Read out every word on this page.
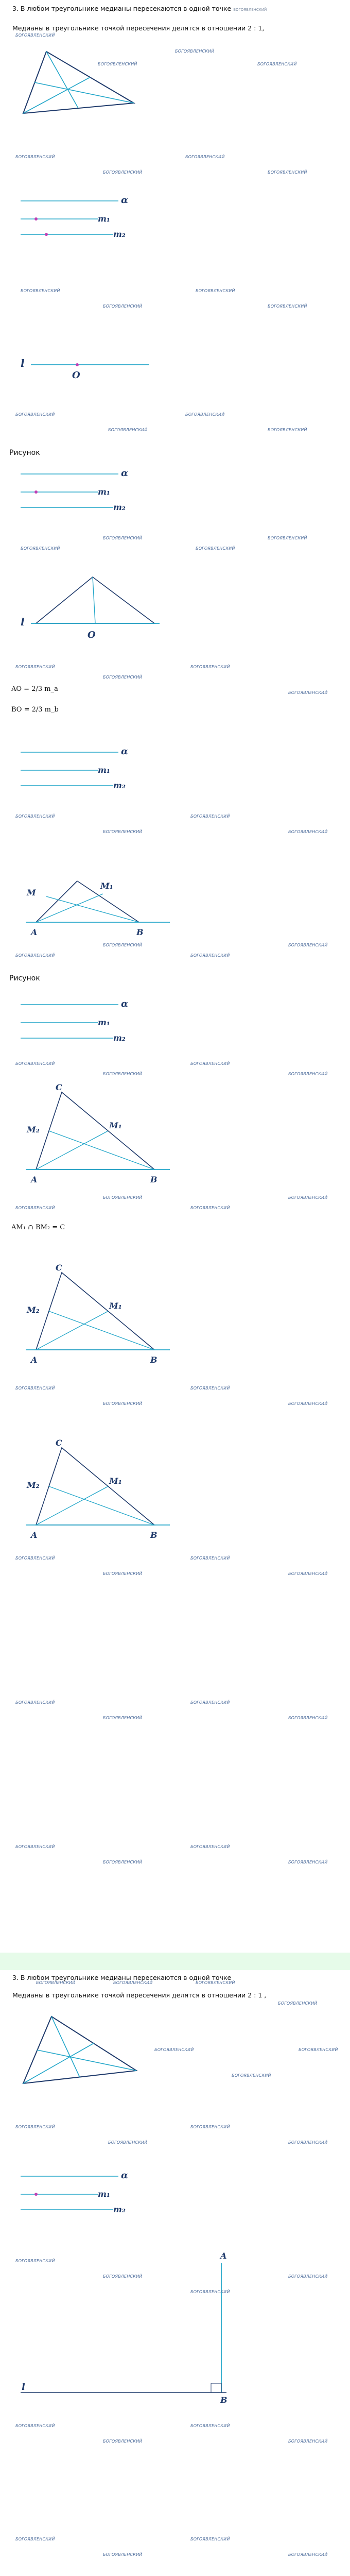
3. В любом треугольнике медианы пересекаются в одной точке БОГОЯВЛЕНСКИЙ
Медианы в треугольнике точкой пересечения делятся в отношении 2 : 1,
α
m₁
m₂
l
O
Рисунок
α
m₁
m₂
l
O
AO = 2/3 m_a
BO = 2/3 m_b
α
m₁
m₂
M
M₁
A	B
Рисунок
α
m₁
m₂
C
M₂	M₁
A	B
AM₁ ∩ BM₂ = C
C
M₂	M₁
A	B
C
M₂	M₁
A	B
БОГОЯВЛЕНСКИЙ
БОГОЯВЛЕНСКИЙ
БОГОЯВЛЕНСКИЙ
БОГОЯВЛЕНСКИЙ
БОГОЯВЛЕНСКИЙ
БОГОЯВЛЕНСКИЙ
БОГОЯВЛЕНСКИЙ
БОГОЯВЛЕНСКИЙ
БОГОЯВЛЕНСКИЙ
БОГОЯВЛЕНСКИЙ
БОГОЯВЛЕНСКИЙ
БОГОЯВЛЕНСКИЙ
БОГОЯВЛЕНСКИЙ
БОГОЯВЛЕНСКИЙ
БОГОЯВЛЕНСКИЙ
БОГОЯВЛЕНСКИЙ
БОГОЯВЛЕНСКИЙ
БОГОЯВЛЕНСКИЙ
БОГОЯВЛЕНСКИЙ
БОГОЯВЛЕНСКИЙ
БОГОЯВЛЕНСКИЙ
БОГОЯВЛЕНСКИЙ
БОГОЯВЛЕНСКИЙ
БОГОЯВЛЕНСКИЙ
БОГОЯВЛЕНСКИЙ
БОГОЯВЛЕНСКИЙ
БОГОЯВЛЕНСКИЙ
БОГОЯВЛЕНСКИЙ
БОГОЯВЛЕНСКИЙ
БОГОЯВЛЕНСКИЙ
БОГОЯВЛЕНСКИЙ
БОГОЯВЛЕНСКИЙ
БОГОЯВЛЕНСКИЙ
БОГОЯВЛЕНСКИЙ
БОГОЯВЛЕНСКИЙ
БОГОЯВЛЕНСКИЙ
БОГОЯВЛЕНСКИЙ
БОГОЯВЛЕНСКИЙ
БОГОЯВЛЕНСКИЙ
БОГОЯВЛЕНСКИЙ
БОГОЯВЛЕНСКИЙ
БОГОЯВЛЕНСКИЙ
БОГОЯВЛЕНСКИЙ
БОГОЯВЛЕНСКИЙ
БОГОЯВЛЕНСКИЙ
БОГОЯВЛЕНСКИЙ
БОГОЯВЛЕНСКИЙ
БОГОЯВЛЕНСКИЙ
БОГОЯВЛЕНСКИЙ
БОГОЯВЛЕНСКИЙ
БОГОЯВЛЕНСКИЙ
БОГОЯВЛЕНСКИЙ
БОГОЯВЛЕНСКИЙ
БОГОЯВЛЕНСКИЙ
БОГОЯВЛЕНСКИЙ
БОГОЯВЛЕНСКИЙ
3. В любом треугольнике медианы пересекаются в одной точке
Медианы в треугольнике точкой пересечения делятся в отношении 2 : 1 ,
α
m₁
m₂
A
l
B
БОГОЯВЛЕНСКИЙ	БОГОЯВЛЕНСКИЙ	БОГОЯВЛЕНСКИЙ
БОГОЯВЛЕНСКИЙ
БОГОЯВЛЕНСКИЙ
БОГОЯВЛЕНСКИЙ
БОГОЯВЛЕНСКИЙ
БОГОЯВЛЕНСКИЙ
БОГОЯВЛЕНСКИЙ
БОГОЯВЛЕНСКИЙ
БОГОЯВЛЕНСКИЙ
БОГОЯВЛЕНСКИЙ
БОГОЯВЛЕНСКИЙ
БОГОЯВЛЕНСКИЙ
БОГОЯВЛЕНСКИЙ
БОГОЯВЛЕНСКИЙ
БОГОЯВЛЕНСКИЙ
БОГОЯВЛЕНСКИЙ
БОГОЯВЛЕНСКИЙ
БОГОЯВЛЕНСКИЙ
БОГОЯВЛЕНСКИЙ
БОГОЯВЛЕНСКИЙ
БОГОЯВЛЕНСКИЙ
